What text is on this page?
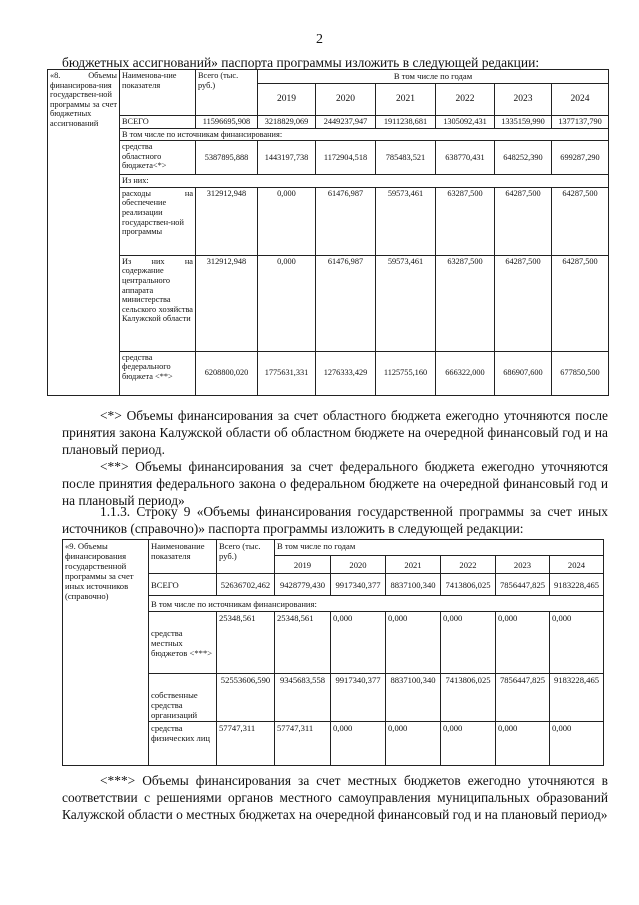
2
бюджетных ассигнований» паспорта программы изложить в следующей редакции:
«8. Объемы финансирова-ния государствен-ной программы за счет бюджетных ассигнований	Наименова-ние показателя	Всего (тыс. руб.)	В том числе по годам					
			2019	2020	2021	2022	2023	2024
	ВСЕГО	11596695,908	3218829,069	2449237,947	1911238,681	1305092,431	1335159,990	1377137,790
	В том числе по источникам финансирования:							
	средства областного бюджета<*>	5387895,888	1443197,738	1172904,518	785483,521	638770,431	648252,390	699287,290
	Из них:							
	расходы на обеспечение реализации государствен-ной программы	312912,948	0,000	61476,987	59573,461	63287,500	64287,500	64287,500
	Из них на содержание центрального аппарата министерства сельского хозяйства Калужской области	312912,948	0,000	61476,987	59573,461	63287,500	64287,500	64287,500
	средства федерального бюджета <**>	6208800,020	1775631,331	1276333,429	1125755,160	666322,000	686907,600	677850,500

<*> Объемы финансирования за счет областного бюджета ежегодно уточняются после принятия закона Калужской области об областном бюджете на очередной финансовый год и на плановый период.

<**> Объемы финансирования за счет федерального бюджета ежегодно уточняются после принятия федерального закона о федеральном бюджете на очередной финансовый год и на плановый период»

1.1.3. Строку 9 «Объемы финансирования государственной программы за счет иных источников (справочно)» паспорта программы изложить в следующей редакции:

«9. Объемы финансирования государственной программы за счет иных источников (справочно)	Наименование показателя	Всего (тыс. руб.)	В том числе по годам					
			2019	2020	2021	2022	2023	2024
	ВСЕГО	52636702,462	9428779,430	9917340,377	8837100,340	7413806,025	7856447,825	9183228,465
	В том числе по источникам финансирования:							
	средства местных бюджетов <***>	25348,561	25348,561	0,000	0,000	0,000	0,000	0,000
	собственные средства организаций	52553606,590	9345683,558	9917340,377	8837100,340	7413806,025	7856447,825	9183228,465
	средства физических лиц	57747,311	57747,311	0,000	0,000	0,000	0,000	0,000

<***> Объемы финансирования за счет местных бюджетов ежегодно уточняются в соответствии с решениями органов местного самоуправления муниципальных образований Калужской области о местных бюджетах на очередной финансовый год и на плановый период»
